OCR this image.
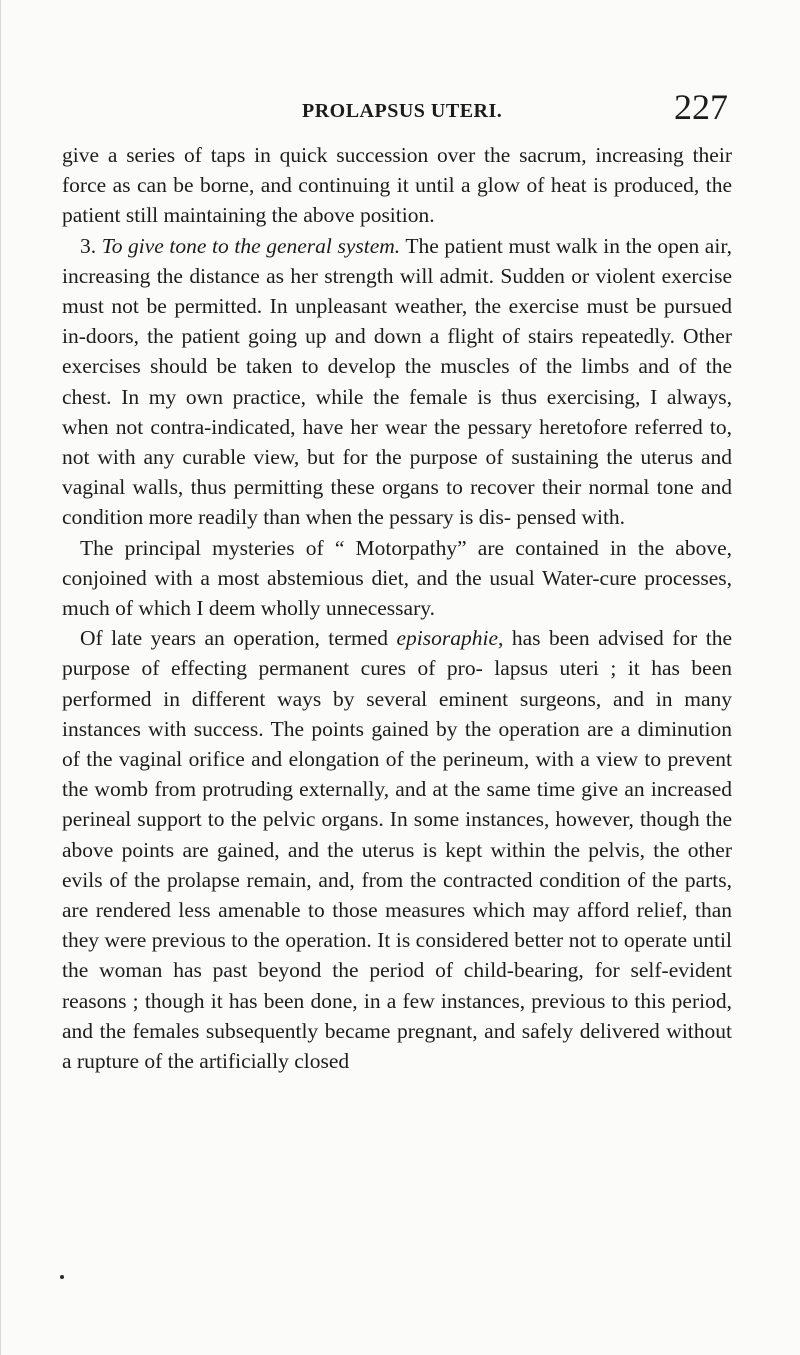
PROLAPSUS UTERI.	227

give a series of taps in quick succession over the sacrum, increasing their force as can be borne, and continuing it until a glow of heat is produced, the patient still maintaining the above position.

3. To give tone to the general system. The patient must walk in the open air, increasing the distance as her strength will admit. Sudden or violent exercise must not be permitted. In unpleasant weather, the exercise must be pursued in-doors, the patient going up and down a flight of stairs repeatedly. Other exercises should be taken to develop the muscles of the limbs and of the chest. In my own practice, while the female is thus exercising, I always, when not contra-indicated, have her wear the pessary heretofore referred to, not with any curable view, but for the purpose of sustaining the uterus and vaginal walls, thus permitting these organs to recover their normal tone and condition more readily than when the pessary is dis- pensed with.

The principal mysteries of “ Motorpathy” are contained in the above, conjoined with a most abstemious diet, and the usual Water-cure processes, much of which I deem wholly unnecessary.

Of late years an operation, termed episoraphie, has been advised for the purpose of effecting permanent cures of pro- lapsus uteri ; it has been performed in different ways by several eminent surgeons, and in many instances with success. The points gained by the operation are a diminution of the vaginal orifice and elongation of the perineum, with a view to prevent the womb from protruding externally, and at the same time give an increased perineal support to the pelvic organs. In some instances, however, though the above points are gained, and the uterus is kept within the pelvis, the other evils of the prolapse remain, and, from the contracted condition of the parts, are rendered less amenable to those measures which may afford relief, than they were previous to the operation. It is considered better not to operate until the woman has past beyond the period of child-bearing, for self-evident reasons ; though it has been done, in a few instances, previous to this period, and the females subsequently became pregnant, and safely delivered without a rupture of the artificially closed
